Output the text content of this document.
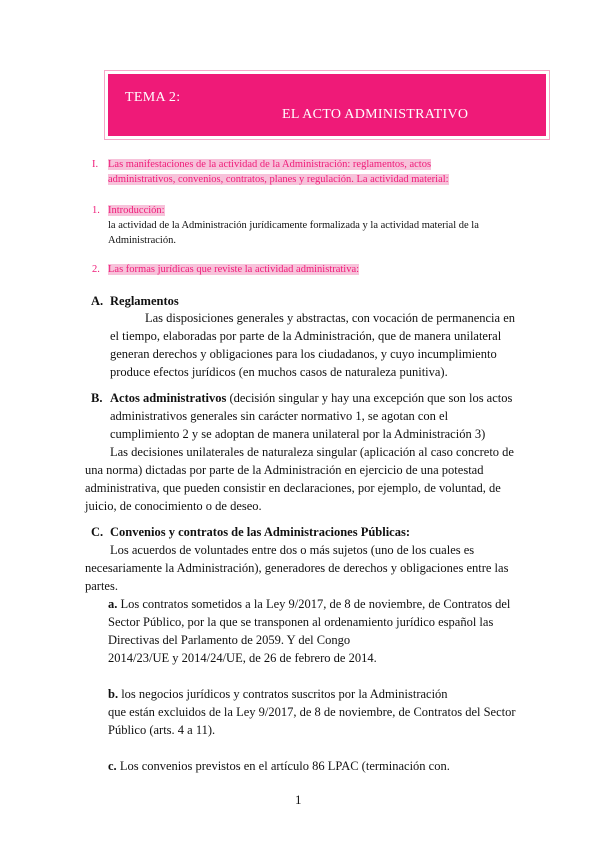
TEMA 2:
EL ACTO ADMINISTRATIVO
I. Las manifestaciones de la actividad de la Administración: reglamentos, actos
administrativos, convenios, contratos, planes y regulación. La actividad material:
1. Introducción:
la actividad de la Administración jurídicamente formalizada y la actividad material de la
Administración.
2. Las formas jurídicas que reviste la actividad administrativa:
A. Reglamentos
Las disposiciones generales y abstractas, con vocación de permanencia en
el tiempo, elaboradas por parte de la Administración, que de manera unilateral
generan derechos y obligaciones para los ciudadanos, y cuyo incumplimiento
produce efectos jurídicos (en muchos casos de naturaleza punitiva).
B. Actos administrativos (decisión singular y hay una excepción que son los actos
administrativos generales sin carácter normativo 1, se agotan con el
cumplimiento 2 y se adoptan de manera unilateral por la Administración 3)
Las decisiones unilaterales de naturaleza singular (aplicación al caso concreto de
una norma) dictadas por parte de la Administración en ejercicio de una potestad
administrativa, que pueden consistir en declaraciones, por ejemplo, de voluntad, de
juicio, de conocimiento o de deseo.
C. Convenios y contratos de las Administraciones Públicas:
Los acuerdos de voluntades entre dos o más sujetos (uno de los cuales es
necesariamente la Administración), generadores de derechos y obligaciones entre las
partes.
a. Los contratos sometidos a la Ley 9/2017, de 8 de noviembre, de Contratos del
Sector Público, por la que se transponen al ordenamiento jurídico español las
Directivas del Parlamento de 2059. Y del Congo
2014/23/UE y 2014/24/UE, de 26 de febrero de 2014.
b. los negocios jurídicos y contratos suscritos por la Administración
que están excluidos de la Ley 9/2017, de 8 de noviembre, de Contratos del Sector
Público (arts. 4 a 11).
c. Los convenios previstos en el artículo 86 LPAC (terminación con.
1
